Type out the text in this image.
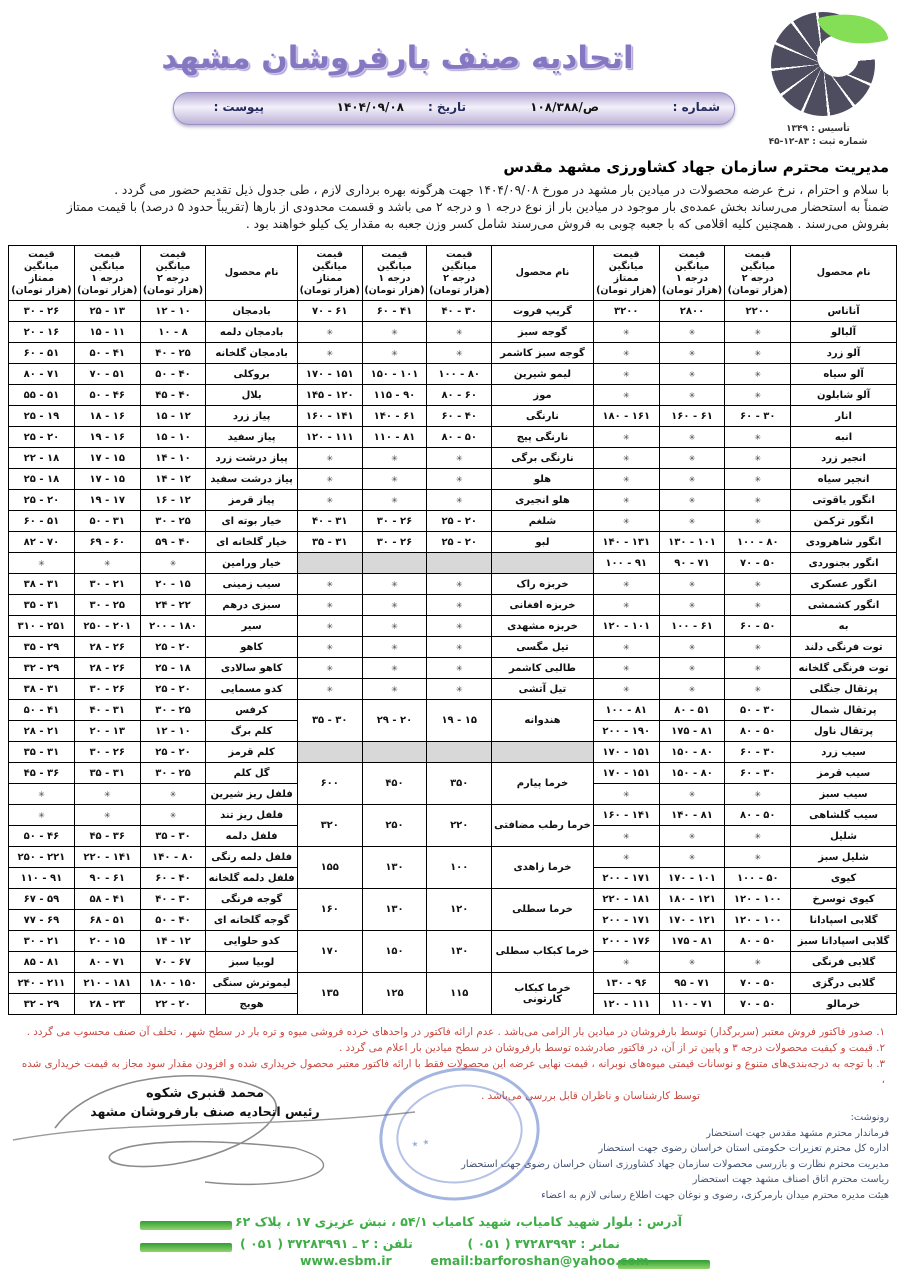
تأسیس : ۱۳۴۹
شماره ثبت : ۸۳-۱۲-۴۵
اتحادیه صنف بارفروشان مشهد
شماره :
۱۰۸/ص/۳۸۸
تاریخ :
۱۴۰۴/۰۹/۰۸
پیوست :
مدیریت محترم سازمان جهاد کشاورزی مشهد مقدس
با سلام و احترام ، نرخ عرضه محصولات در میادین بار مشهد در مورخ ۱۴۰۴/۰۹/۰۸ جهت هرگونه بهره برداری لازم ، طی جدول ذیل تقدیم حضور می گردد .
ضمناً به استحضار می‌رساند بخش عمده‌ی بار موجود در میادین بار از نوع درجه ۱ و درجه ۲ می باشد و قسمت محدودی از بارها (تقریباً حدود ۵ درصد) با قیمت ممتاز
بفروش می‌رسند . همچنین کلیه اقلامی که با جعبه چوبی به فروش می‌رسند شامل کسر وزن جعبه به مقدار یک کیلو خواهند بود .
نام محصول	
قیمت میانگین
درجه ۲
(هزار تومان)

قیمت میانگین
درجه ۱
(هزار تومان)

قیمت میانگین
ممتاز
(هزار تومان)
	نام محصول	
قیمت میانگین
درجه ۲
(هزار تومان)

قیمت میانگین
درجه ۱
(هزار تومان)

قیمت میانگین
ممتاز
(هزار تومان)
	نام محصول	
قیمت میانگین
درجه ۲
(هزار تومان)

قیمت میانگین
درجه ۱
(هزار تومان)

قیمت میانگین
ممتاز
(هزار تومان)

آناناس	۲۲۰۰	۲۸۰۰	۳۲۰۰	گریپ فروت	۴۰ - ۳۰	۶۰ - ۴۱	۷۰ - ۶۱	بادمجان	۱۲ - ۱۰	۲۵ - ۱۳	۳۰ - ۲۶
آلبالو	✳	✳	✳	گوجه سبز	✳	✳	✳	بادمجان دلمه	۱۰ - ۸	۱۵ - ۱۱	۲۰ - ۱۶
آلو زرد	✳	✳	✳	گوجه سبز کاشمر	✳	✳	✳	بادمجان گلخانه	۴۰ - ۲۵	۵۰ - ۴۱	۶۰ - ۵۱
آلو سیاه	✳	✳	✳	لیمو شیرین	۱۰۰ - ۸۰	۱۵۰ - ۱۰۱	۱۷۰ - ۱۵۱	بروکلی	۵۰ - ۴۰	۷۰ - ۵۱	۸۰ - ۷۱
آلو شابلون	✳	✳	✳	موز	۸۰ - ۶۰	۱۱۵ - ۹۰	۱۴۵ - ۱۲۰	بلال	۴۵ - ۴۰	۵۰ - ۴۶	۵۵ - ۵۱
انار	۶۰ - ۳۰	۱۶۰ - ۶۱	۱۸۰ - ۱۶۱	نارنگی	۶۰ - ۴۰	۱۴۰ - ۶۱	۱۶۰ - ۱۴۱	پیاز زرد	۱۵ - ۱۲	۱۸ - ۱۶	۲۵ - ۱۹
انبه	✳	✳	✳	نارنگی پیج	۸۰ - ۵۰	۱۱۰ - ۸۱	۱۲۰ - ۱۱۱	پیاز سفید	۱۵ - ۱۰	۱۹ - ۱۶	۲۵ - ۲۰
انجیر زرد	✳	✳	✳	نارنگی برگی	✳	✳	✳	پیاز درشت زرد	۱۴ - ۱۰	۱۷ - ۱۵	۲۲ - ۱۸
انجیر سیاه	✳	✳	✳	هلو	✳	✳	✳	پیاز درشت سفید	۱۴ - ۱۲	۱۷ - ۱۵	۲۵ - ۱۸
انگور یاقوتی	✳	✳	✳	هلو انجیری	✳	✳	✳	پیاز قرمز	۱۶ - ۱۲	۱۹ - ۱۷	۲۵ - ۲۰
انگور ترکمن	✳	✳	✳	شلغم	۲۵ - ۲۰	۳۰ - ۲۶	۴۰ - ۳۱	خیار بوته ای	۳۰ - ۲۵	۵۰ - ۳۱	۶۰ - ۵۱
انگور شاهرودی	۱۰۰ - ۸۰	۱۳۰ - ۱۰۱	۱۴۰ - ۱۳۱	لبو	۲۵ - ۲۰	۳۰ - ۲۶	۳۵ - ۳۱	خیار گلخانه ای	۵۹ - ۴۰	۶۹ - ۶۰	۸۲ - ۷۰
انگور بجنوردی	۷۰ - ۵۰	۹۰ - ۷۱	۱۰۰ - ۹۱					خیار ورامین	✳	✳	✳
انگور عسکری	✳	✳	✳	خربزه راک	✳	✳	✳	سیب زمینی	۲۰ - ۱۵	۳۰ - ۲۱	۳۸ - ۳۱
انگور کشمشی	✳	✳	✳	خربزه افغانی	✳	✳	✳	سبزی درهم	۲۴ - ۲۲	۳۰ - ۲۵	۳۵ - ۳۱
به	۶۰ - ۵۰	۱۰۰ - ۶۱	۱۲۰ - ۱۰۱	خربزه مشهدی	✳	✳	✳	سیر	۲۰۰ - ۱۸۰	۲۵۰ - ۲۰۱	۳۱۰ - ۲۵۱
توت فرنگی دلند	✳	✳	✳	تیل مگسی	✳	✳	✳	کاهو	۲۵ - ۲۰	۲۸ - ۲۶	۳۵ - ۲۹
توت فرنگی گلخانه	✳	✳	✳	طالبی کاشمر	✳	✳	✳	کاهو سالادی	۲۵ - ۱۸	۲۸ - ۲۶	۳۲ - ۲۹
پرتقال جنگلی	✳	✳	✳	تیل آتشی	✳	✳	✳	کدو مسمایی	۲۵ - ۲۰	۳۰ - ۲۶	۳۸ - ۳۱
پرتقال شمال	۵۰ - ۳۰	۸۰ - ۵۱	۱۰۰ - ۸۱	هندوانه	۱۹ - ۱۵	۲۹ - ۲۰	۳۵ - ۳۰	کرفس	۳۰ - ۲۵	۴۰ - ۳۱	۵۰ - ۴۱
پرتقال ناول	۸۰ - ۵۰	۱۷۵ - ۸۱	۲۰۰ - ۱۹۰					کلم برگ	۱۲ - ۱۰	۲۰ - ۱۳	۲۸ - ۲۱
سیب زرد	۶۰ - ۳۰	۱۵۰ - ۸۰	۱۷۰ - ۱۵۱					کلم قرمز	۲۵ - ۲۰	۳۰ - ۲۶	۳۵ - ۳۱
سیب قرمز	۶۰ - ۳۰	۱۵۰ - ۸۰	۱۷۰ - ۱۵۱	خرما پیارم	۳۵۰	۴۵۰	۶۰۰	گل کلم	۳۰ - ۲۵	۳۵ - ۳۱	۴۵ - ۳۶
سیب سبز	✳	✳	✳					فلفل ریز شیرین	✳	✳	✳
سیب گلشاهی	۸۰ - ۵۰	۱۴۰ - ۸۱	۱۶۰ - ۱۴۱	خرما رطب مضافتی	۲۲۰	۲۵۰	۳۲۰	فلفل ریز تند	✳	✳	✳
شلیل	✳	✳	✳					فلفل دلمه	۳۵ - ۳۰	۴۵ - ۳۶	۵۰ - ۴۶
شلیل سبز	✳	✳	✳	خرما زاهدی	۱۰۰	۱۳۰	۱۵۵	فلفل دلمه رنگی	۱۴۰ - ۸۰	۲۲۰ - ۱۴۱	۲۵۰ - ۲۲۱
کیوی	۱۰۰ - ۵۰	۱۷۰ - ۱۰۱	۲۰۰ - ۱۷۱					فلفل دلمه گلخانه	۶۰ - ۴۰	۹۰ - ۶۱	۱۱۰ - ۹۱
کیوی توسرخ	۱۲۰ - ۱۰۰	۱۸۰ - ۱۲۱	۲۲۰ - ۱۸۱	خرما سطلی	۱۲۰	۱۳۰	۱۶۰	گوجه فرنگی	۴۰ - ۳۰	۵۸ - ۴۱	۶۷ - ۵۹
گلابی اسپادانا	۱۲۰ - ۱۰۰	۱۷۰ - ۱۲۱	۲۰۰ - ۱۷۱					گوجه گلخانه ای	۵۰ - ۴۰	۶۸ - ۵۱	۷۷ - ۶۹
گلابی اسپادانا سبز	۸۰ - ۵۰	۱۷۵ - ۸۱	۲۰۰ - ۱۷۶	خرما کبکاب سطلی	۱۳۰	۱۵۰	۱۷۰	کدو حلوایی	۱۴ - ۱۲	۲۰ - ۱۵	۳۰ - ۲۱
گلابی فرنگی	✳	✳	✳					لوبیا سبز	۷۰ - ۶۷	۸۰ - ۷۱	۸۵ - ۸۱
گلابی درگزی	۷۰ - ۵۰	۹۵ - ۷۱	۱۳۰ - ۹۶	خرما کبکاب کارتونی	۱۱۵	۱۲۵	۱۳۵	لیموترش سنگی	۱۸۰ - ۱۵۰	۲۱۰ - ۱۸۱	۲۴۰ - ۲۱۱
خرمالو	۷۰ - ۵۰	۱۱۰ - ۷۱	۱۲۰ - ۱۱۱					هویج	۲۲ - ۲۰	۲۸ - ۲۳	۳۲ - ۲۹
۱. صدور فاکتور فروش معتبر (سربرگدار) توسط بارفروشان در میادین بار الزامی می‌باشد . عدم ارائه فاکتور در واحدهای خرده فروشی میوه و تره بار در سطح شهر ، تخلف آن صنف محسوب می گردد .
۲. قیمت و کیفیت محصولات درجه ۳ و پایین تر از آن، در فاکتور صادرشده توسط بارفروشان در سطح میادین بار اعلام می گردد .
۳. با توجه به درجه‌بندی‌های متنوع و نوسانات قیمتی میوه‌های نوبرانه ، قیمت نهایی عرضه این محصولات فقط با ارائه فاکتور معتبر محصول خریداری شده و افزودن مقدار سود مجاز به قیمت خریداری شده ،
توسط کارشناسان و ناظران قابل بررسی می‌باشد .
محمد قنبری شکوه
رئیس اتحادیه صنف بارفروشان مشهد ٭ ٭	رونوشت:
فرماندار محترم مشهد مقدس جهت استحضار
اداره کل محترم تعزیرات حکومتی استان خراسان رضوی جهت استحضار
مدیریت محترم نظارت و بازرسی محصولات سازمان جهاد کشاورزی استان خراسان رضوی جهت استحضار
ریاست محترم اتاق اصناف مشهد جهت استحضار
هیئت مدیره محترم میدان بارمرکزی، رضوی و نوغان جهت اطلاع رسانی لازم به اعضاء
آدرس : بلوار شهید کامیاب، شهید کامیاب ۵۴/۱ ، نبش عزیزی ۱۷ ، پلاک ۶۲
نمابر : ۳۷۲۸۳۹۹۳ ( ۰۵۱ )  تلفن : ۲ ـ ۳۷۲۸۳۹۹۱ ( ۰۵۱ )
www.esbm.ir	email:barforoshan@yahoo.com
